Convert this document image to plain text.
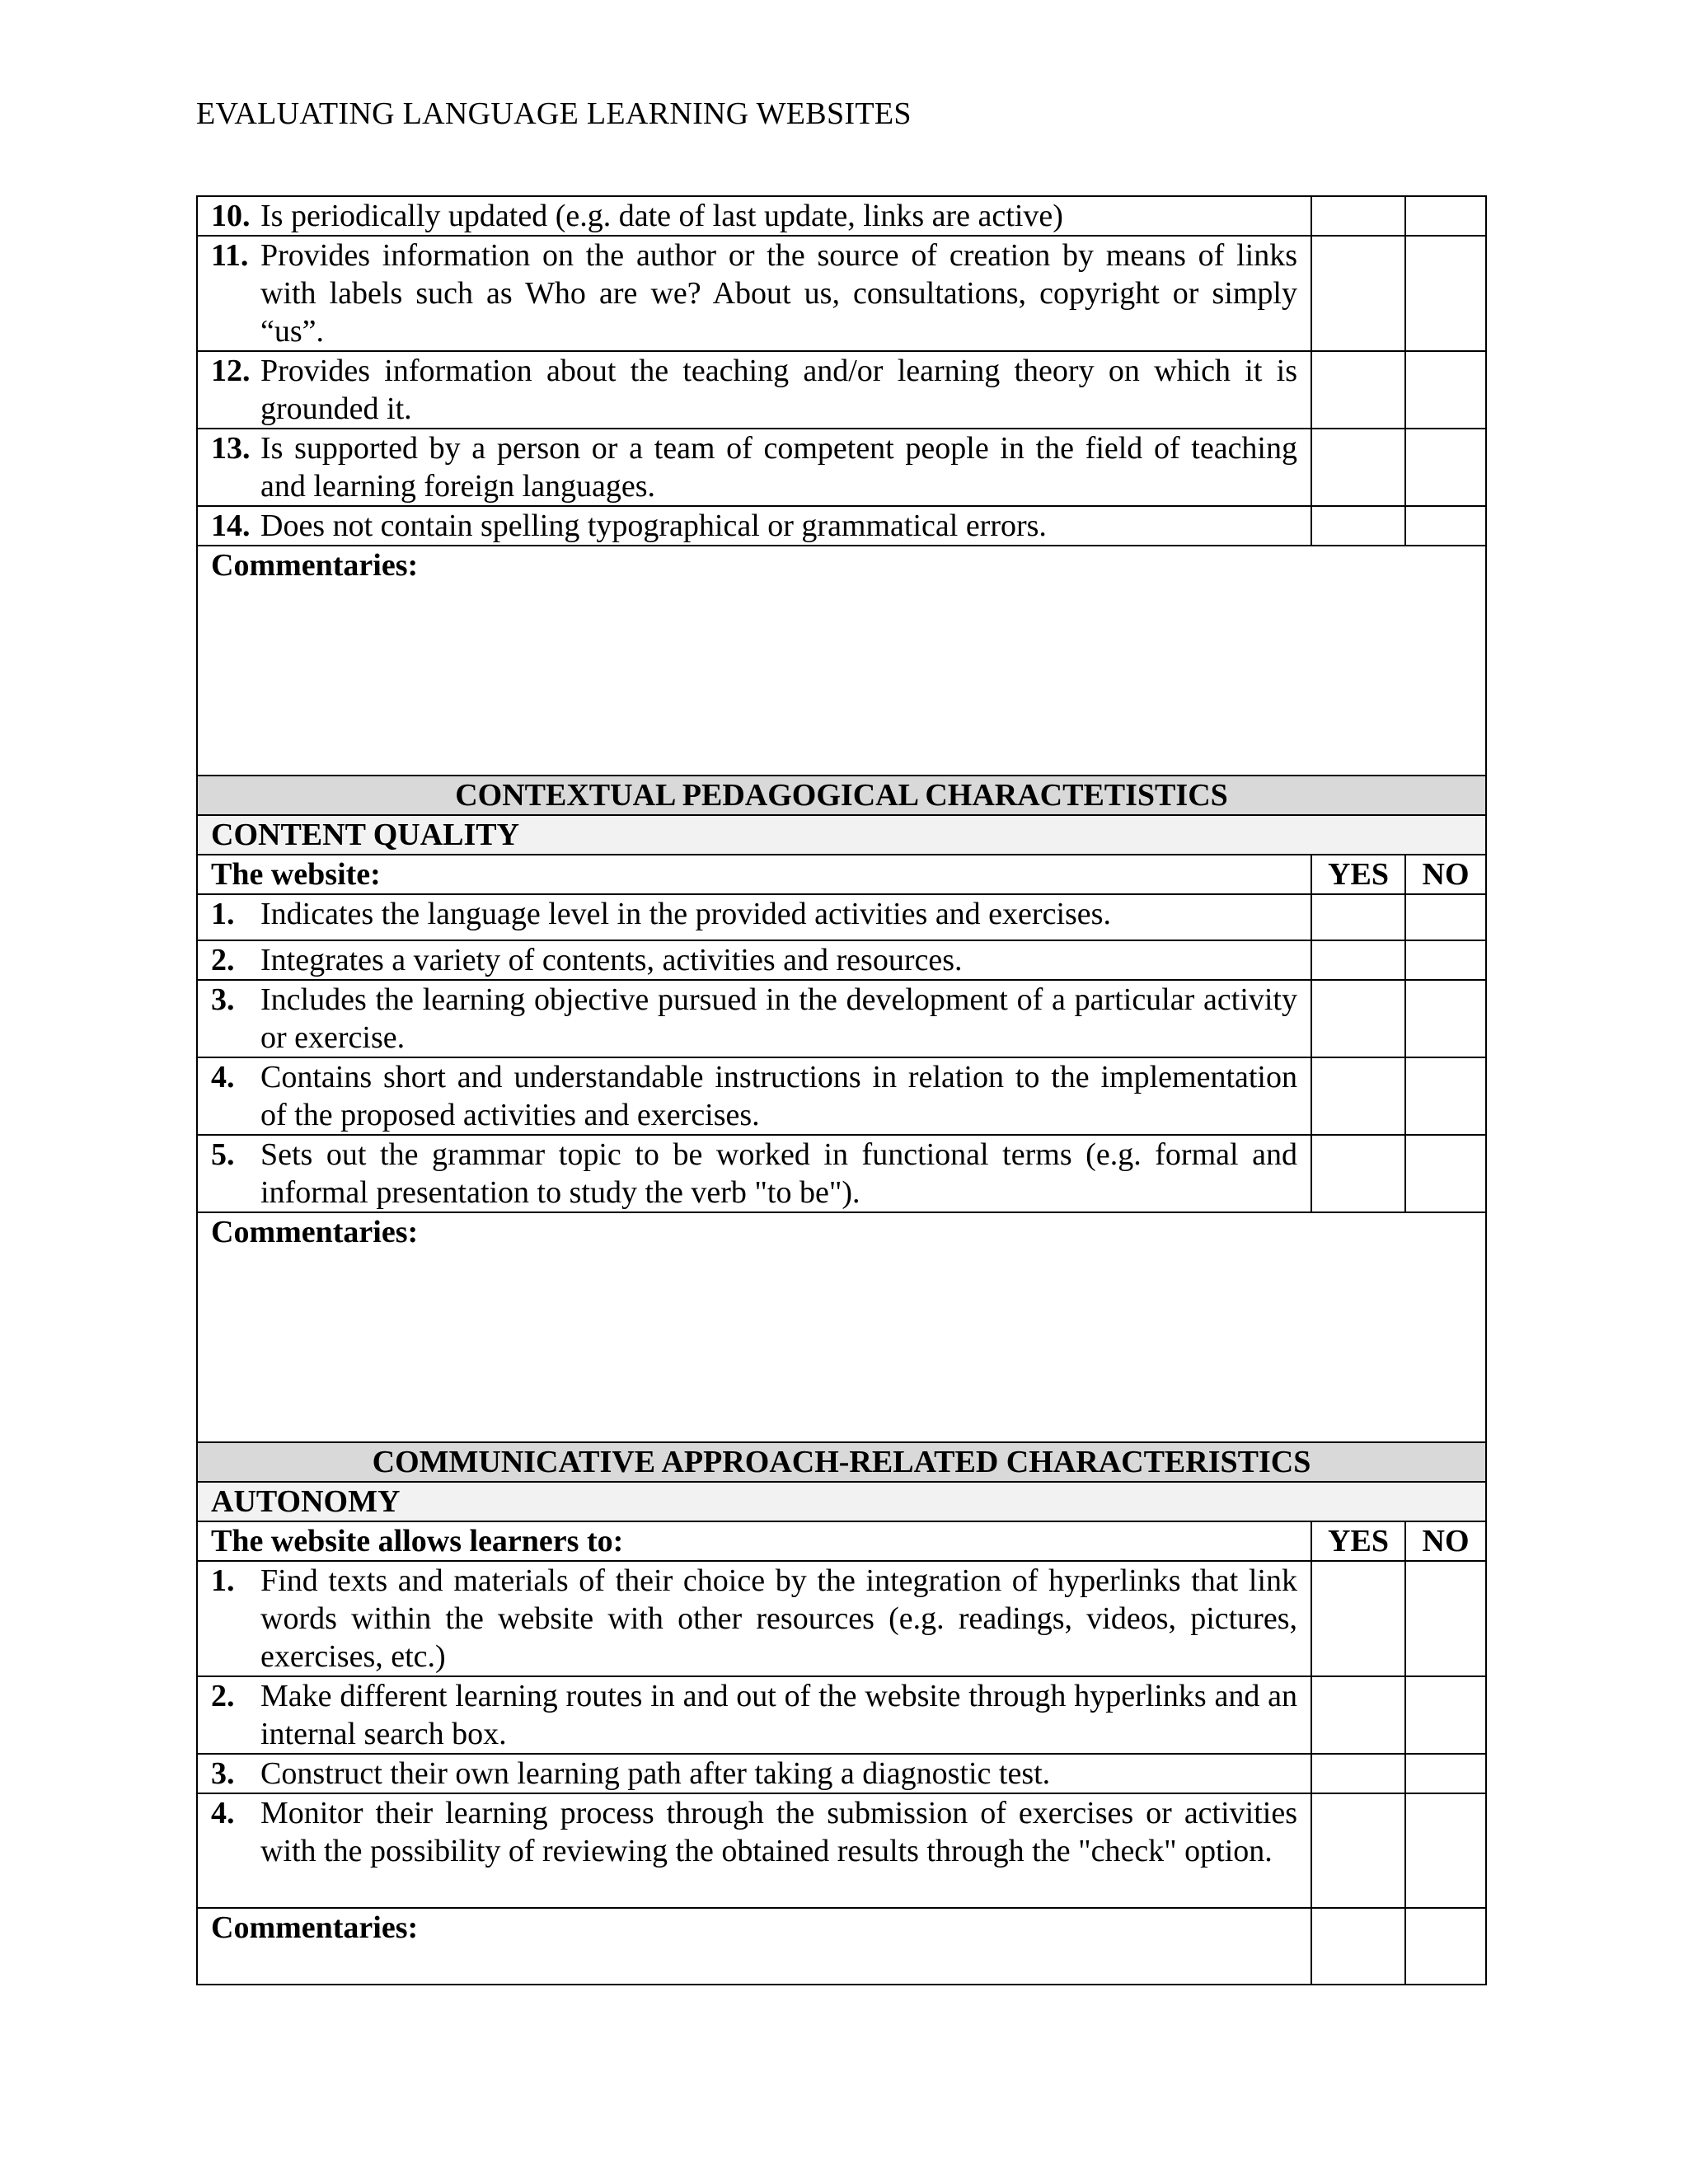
EVALUATING LANGUAGE LEARNING WEBSITES
10. Is periodically updated (e.g. date of last update, links are active)		

11. Provides information on the author or the source of creation by means of links with labels such as Who are we? About us, consultations, copyright or simply “us”.		

12. Provides information about the teaching and/or learning theory on which it is grounded it.		

13. Is supported by a person or a team of competent people in the field of teaching and learning foreign languages.		

14. Does not contain spelling typographical or grammatical errors.		

Commentaries:		
CONTEXTUAL PEDAGOGICAL CHARACTETISTICS		
CONTENT QUALITY		
The website:	YES	NO

1. Indicates the language level in the provided activities and exercises.		

2. Integrates a variety of contents, activities and resources.		

3. Includes the learning objective pursued in the development of a particular activity or exercise.		

4. Contains short and understandable instructions in relation to the implementation of the proposed activities and exercises.		

5. Sets out the grammar topic to be worked in functional terms (e.g. formal and informal presentation to study the verb "to be").		

Commentaries:		
COMMUNICATIVE APPROACH-RELATED CHARACTERISTICS		
AUTONOMY		
The website allows learners to:	YES	NO

1. Find texts and materials of their choice by the integration of hyperlinks that link words within the website with other resources (e.g. readings, videos, pictures, exercises, etc.)		

2. Make different learning routes in and out of the website through hyperlinks and an internal search box.		

3. Construct their own learning path after taking a diagnostic test.		

4. Monitor their learning process through the submission of exercises or activities with the possibility of reviewing the obtained results through the "check" option.		

Commentaries:		
